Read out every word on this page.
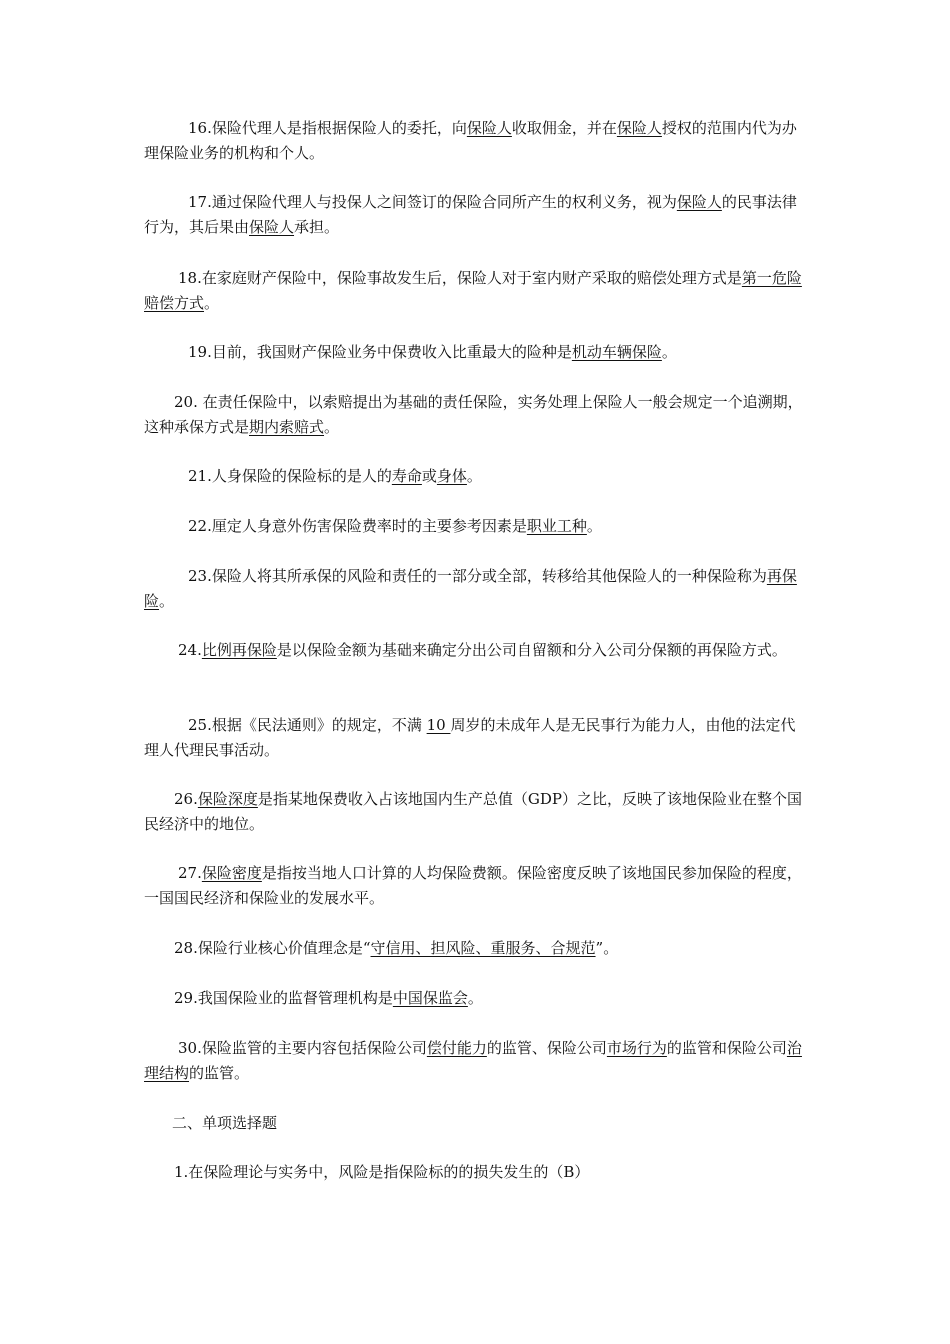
16.保险代理人是指根据保险人的委托，向保险人收取佣金，并在保险人授权的范围内代为办理保险业务的机构和个人。

17.通过保险代理人与投保人之间签订的保险合同所产生的权利义务，视为保险人的民事法律行为，其后果由保险人承担。

18.在家庭财产保险中，保险事故发生后，保险人对于室内财产采取的赔偿处理方式是第一危险赔偿方式。

19.目前，我国财产保险业务中保费收入比重最大的险种是机动车辆保险。

20. 在责任保险中，以索赔提出为基础的责任保险，实务处理上保险人一般会规定一个追溯期，这种承保方式是期内索赔式。

21.人身保险的保险标的是人的寿命或身体。

22.厘定人身意外伤害保险费率时的主要参考因素是职业工种。

23.保险人将其所承保的风险和责任的一部分或全部，转移给其他保险人的一种保险称为再保险。

24.比例再保险是以保险金额为基础来确定分出公司自留额和分入公司分保额的再保险方式。

25.根据《民法通则》的规定，不满 10 周岁的未成年人是无民事行为能力人，由他的法定代理人代理民事活动。

26.保险深度是指某地保费收入占该地国内生产总值（GDP）之比，反映了该地保险业在整个国民经济中的地位。

27.保险密度是指按当地人口计算的人均保险费额。保险密度反映了该地国民参加保险的程度，一国国民经济和保险业的发展水平。

28.保险行业核心价值理念是“守信用、担风险、重服务、合规范”。

29.我国保险业的监督管理机构是中国保监会。

30.保险监管的主要内容包括保险公司偿付能力的监管、保险公司市场行为的监管和保险公司治理结构的监管。

二、单项选择题
1.在保险理论与实务中，风险是指保险标的的损失发生的（B）
